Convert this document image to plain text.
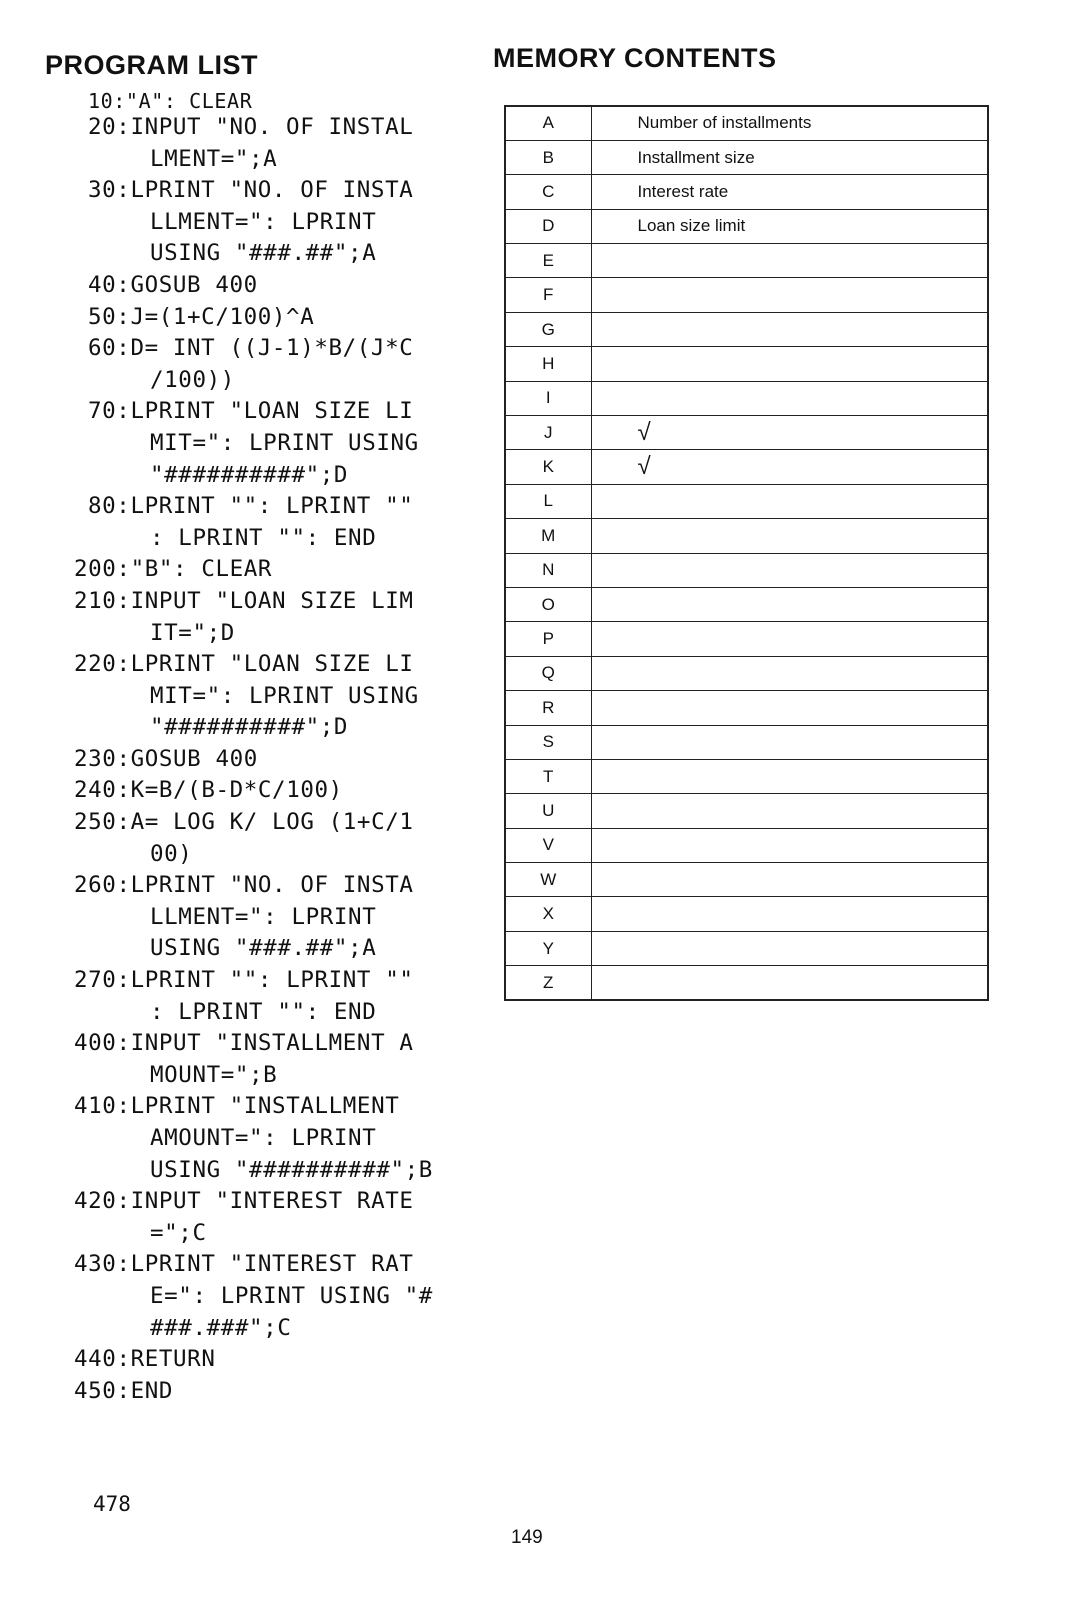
PROGRAM LIST	MEMORY CONTENTS
10:"A": CLEAR
20:INPUT "NO. OF INSTAL
LMENT=";A
30:LPRINT "NO. OF INSTA
LLMENT=": LPRINT
USING "###.##";A
40:GOSUB 400
50:J=(1+C/100)^A
60:D= INT ((J-1)*B/(J*C
/100))
70:LPRINT "LOAN SIZE LI
MIT=": LPRINT USING
"##########";D
80:LPRINT "": LPRINT ""
: LPRINT "": END
200:"B": CLEAR
210:INPUT "LOAN SIZE LIM
IT=";D
220:LPRINT "LOAN SIZE LI
MIT=": LPRINT USING
"##########";D
230:GOSUB 400
240:K=B/(B-D*C/100)
250:A= LOG K/ LOG (1+C/1
00)
260:LPRINT "NO. OF INSTA
LLMENT=": LPRINT
USING "###.##";A
270:LPRINT "": LPRINT ""
: LPRINT "": END
400:INPUT "INSTALLMENT A
MOUNT=";B
410:LPRINT "INSTALLMENT
AMOUNT=": LPRINT
USING "##########";B
420:INPUT "INTEREST RATE
=";C
430:LPRINT "INTEREST RAT
E=": LPRINT USING "#
###.###";C
440:RETURN
450:END
A	Number of installments
B	Installment size
C	Interest rate
D	Loan size limit
E	
F	
G	
H	
I	
J	√
K	√
L	
M	
N	
O	
P	
Q	
R	
S	
T	
U	
V	
W	
X	
Y	
Z	

478

149
